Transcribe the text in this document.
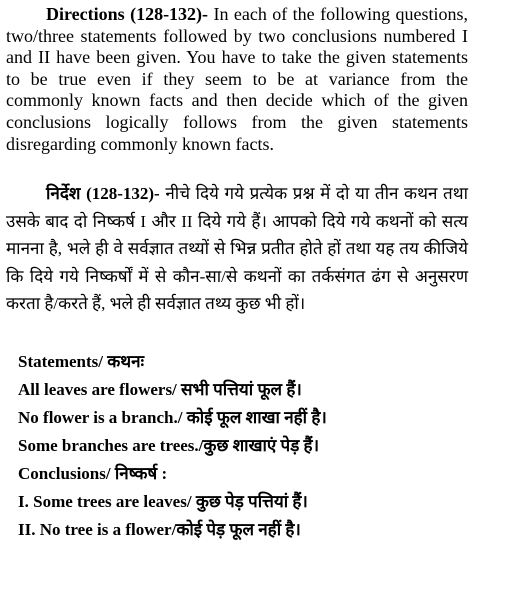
Directions (128-132)- In each of the following questions, two/three statements followed by two conclusions numbered I and II have been given. You have to take the given statements to be true even if they seem to be at variance from the commonly known facts and then decide which of the given conclusions logically follows from the given statements disregarding commonly known facts.
निर्देश (128-132)- नीचे दिये गये प्रत्येक प्रश्न में दो या तीन कथन तथा उसके बाद दो निष्कर्ष I और II दिये गये हैं। आपको दिये गये कथनों को सत्य मानना है, भले ही वे सर्वज्ञात तथ्यों से भिन्न प्रतीत होते हों तथा यह तय कीजिये कि दिये गये निष्कर्षों में से कौन-सा/से कथनों का तर्कसंगत ढंग से अनुसरण करता है/करते हैं, भले ही सर्वज्ञात तथ्य कुछ भी हों।
Statements/ कथनः
All leaves are flowers/ सभी पत्तियां फूल हैं।
No flower is a branch./ कोई फूल शाखा नहीं है।
Some branches are trees./कुछ शाखाएं पेड़ हैं।
Conclusions/ निष्कर्ष :
I. Some trees are leaves/ कुछ पेड़ पत्तियां हैं।
II. No tree is a flower/कोई पेड़ फूल नहीं है।
